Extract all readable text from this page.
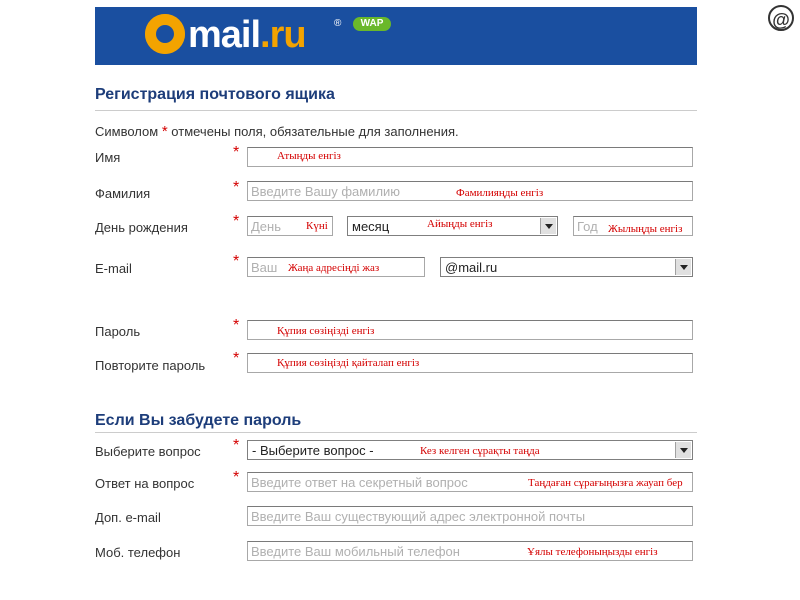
mail.ru	®	WAP	@
Регистрация почтового ящика
Символом * отмечены поля, обязательные для заполнения.
Имя	*	Атыңды енгіз
Фамилия	* Введите Вашу фамилию	Фамилияңды енгіз
День рождения	* День	Күні	месяц	Айыңды енгіз	Год Жылыңды енгіз
E-mail	* Ваш Жаңа адресіңді жаз	@mail.ru
Пароль	*	Құпия сөзіңізді енгіз
Повторите пароль *	Құпия сөзіңізді қайталап енгіз
Если Вы забудете пароль
Выберите вопрос * - Выберите вопрос -	Кез келген сұрақты таңда
Ответ на вопрос * Введите ответ на секретный вопрос	Таңдаған сұрағыңызға жауап бер
Доп. e-mail	Введите Ваш существующий адрес электронной почты
Моб. телефон	Введите Ваш мобильный телефон	Ұялы телефоныңызды енгіз
